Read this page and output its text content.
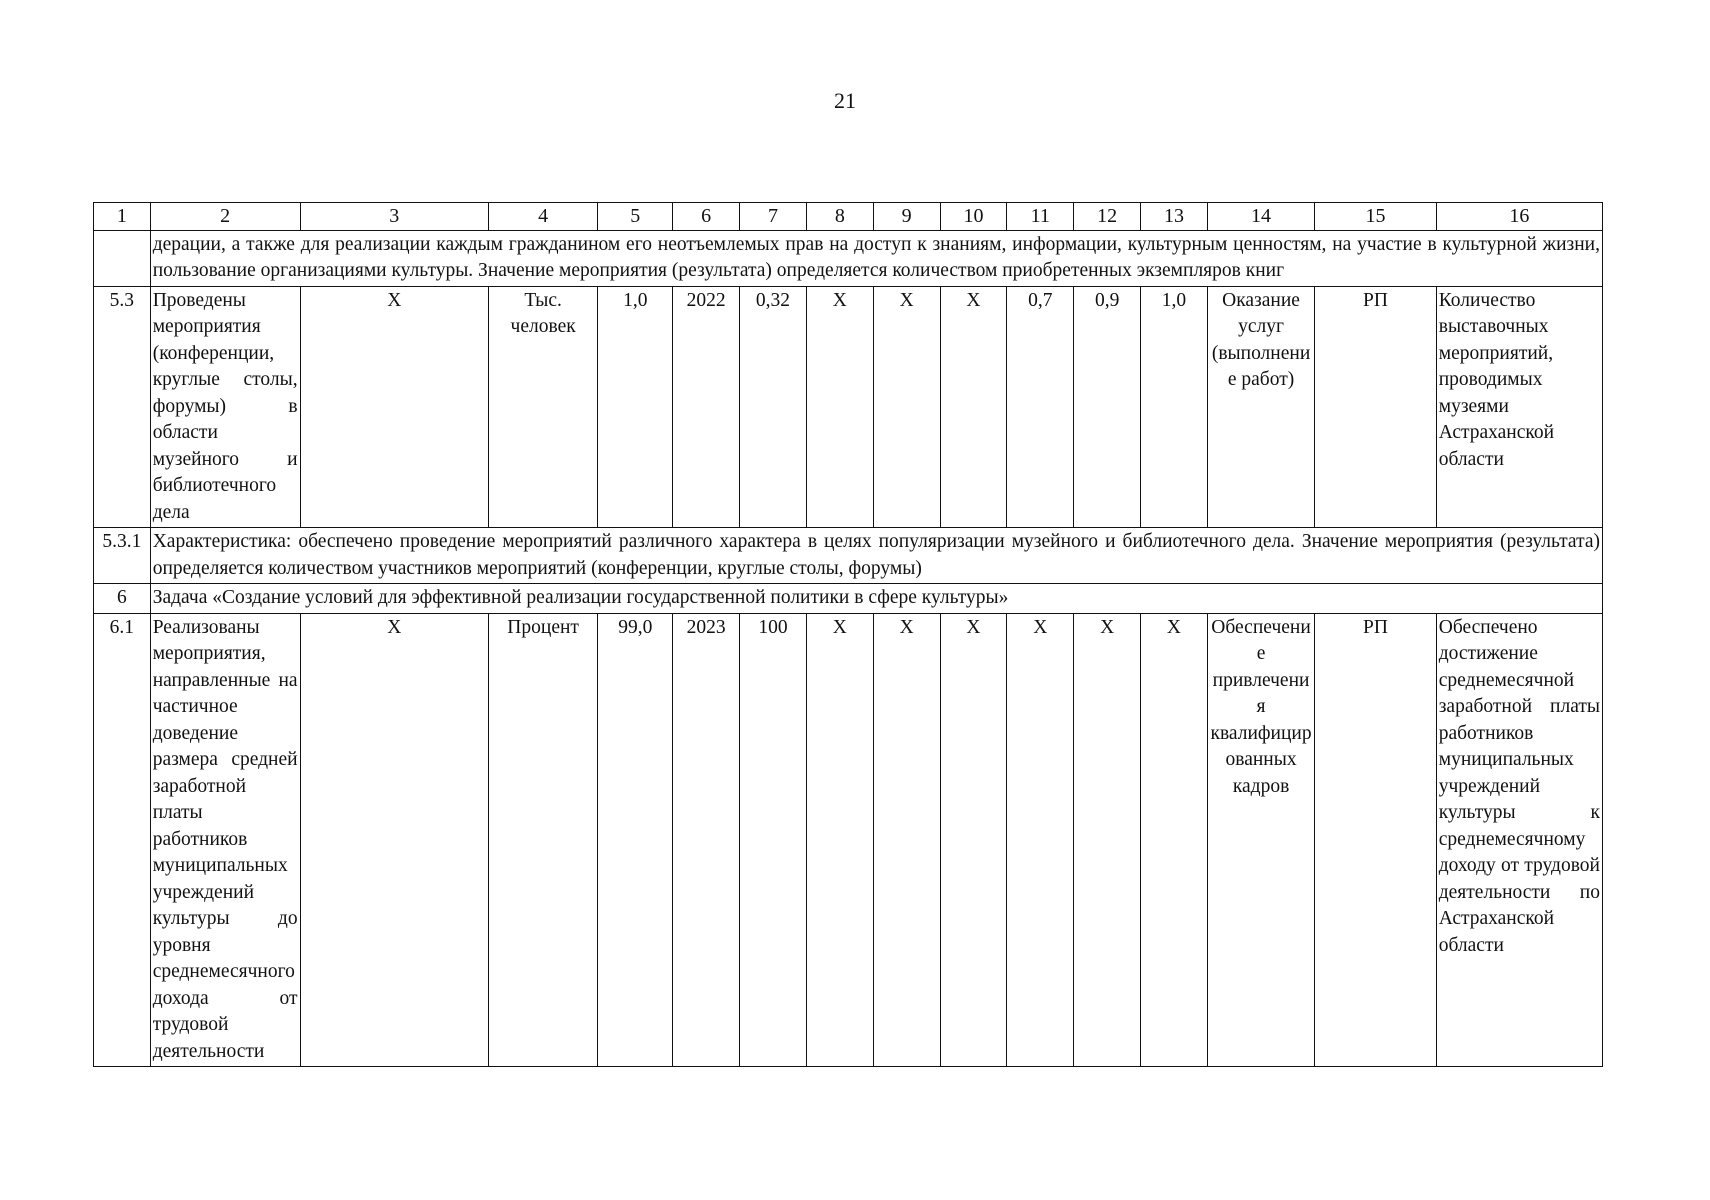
21
1	2	3	4	5	6	7	8	9	10	11	12	13	14	15	16
	дерации, а также для реализации каждым гражданином его неотъемлемых прав на доступ к знаниям, информации, культурным ценностям, на участие в культурной жизни, пользование организациями культуры. Значение мероприятия (результата) определяется количеством приобретенных экземпляров книг														
5.3	Проведены мероприятия (конференции, круглые столы, форумы) в области музейного и библиотечного дела	Х	Тыс. человек	1,0	2022	0,32	Х	Х	Х	0,7	0,9	1,0	Оказание услуг (выполнение работ)	РП	Количество выставочных мероприятий, проводимых музеями Астраханской области
5.3.1	Характеристика: обеспечено проведение мероприятий различного характера в целях популяризации музейного и библиотечного дела. Значение мероприятия (результата) определяется количеством участников мероприятий (конференции, круглые столы, форумы)														
6	Задача «Создание условий для эффективной реализации государственной политики в сфере культуры»														
6.1	Реализованы мероприятия, направленные на частичное доведение размера средней заработной платы работников муниципальных учреждений культуры до уровня среднемесячного дохода от трудовой деятельности	Х	Процент	99,0	2023	100	Х	Х	Х	Х	Х	Х	Обеспечение привлечения квалифицированных кадров	РП	Обеспечено достижение среднемесячной заработной платы работников муниципальных учреждений культуры к среднемесячному доходу от трудовой деятельности по Астраханской области
